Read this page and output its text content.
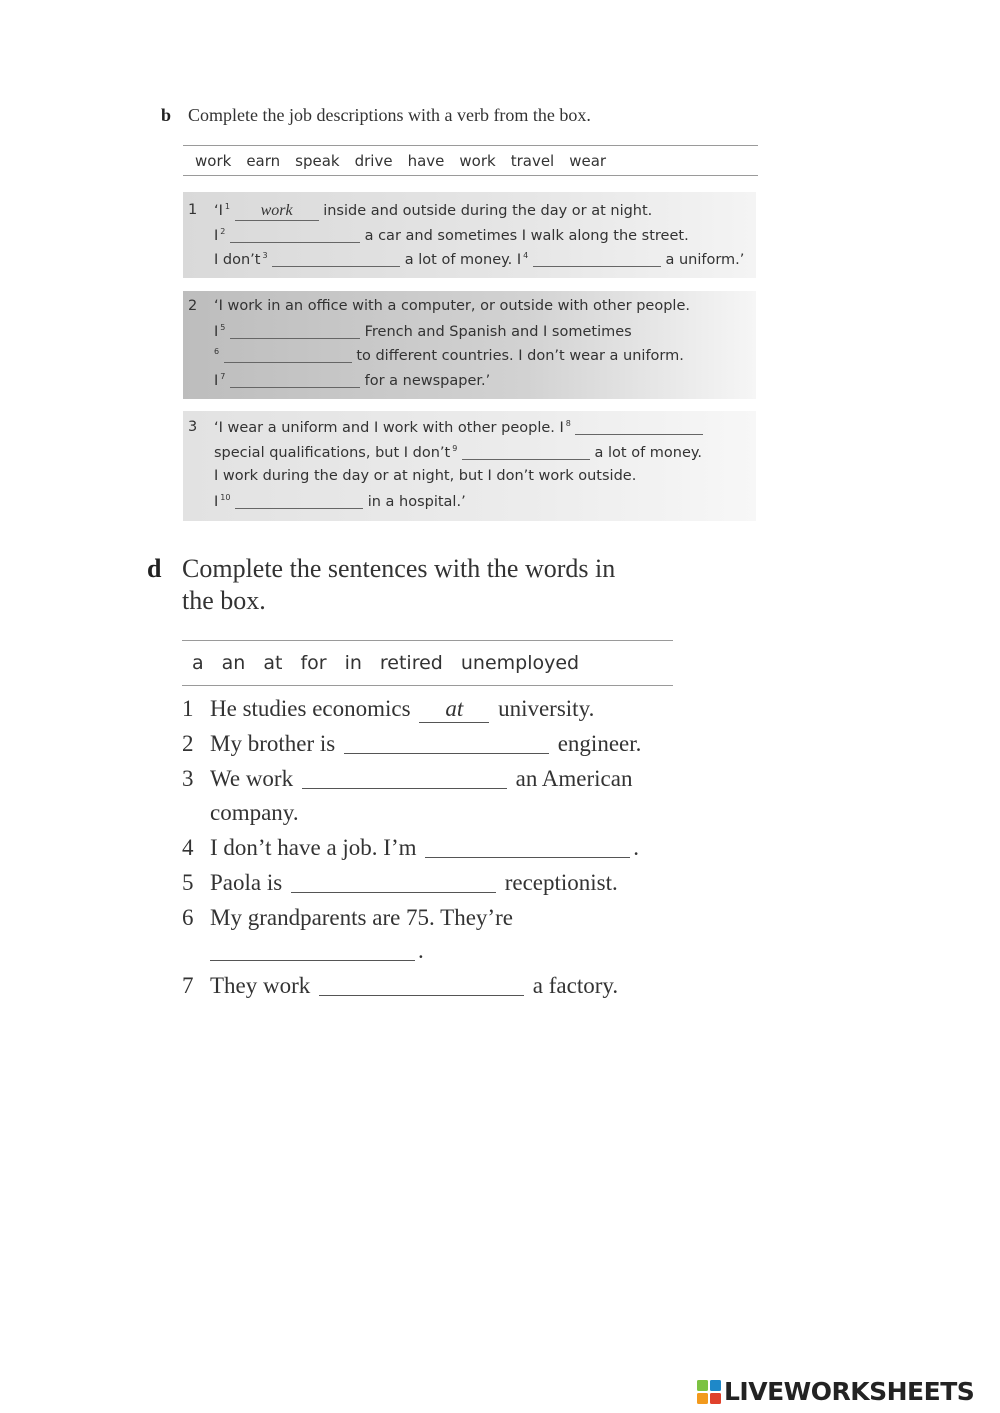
b Complete the job descriptions with a verb from the box.
work earn speak drive have work travel wear
1 ‘I $^1$ work inside and outside during the day or at night.
I $^2$	a car and sometimes I walk along the street.
I don’t $^3$	a lot of money. I $^4$	a uniform.’
2 ‘I work in an office with a computer, or outside with other people.
I $^5$	French and Spanish and I sometimes
$^6$	to different countries. I don’t wear a uniform.
I $^7$	for a newspaper.’
3 ‘I wear a uniform and I work with other people. I $^8$
special qualifications, but I don’t $^9$	a lot of money.
I work during the day or at night, but I don’t work outside.
I $^{10}$	in a hospital.’
d Complete the sentences with the words in
the box.
a an at for in retired unemployed
1 He studies economics at university.
2 My brother is	engineer.
3 We work	an American
company.
4 I don’t have a job. I’m	.
5 Paola is	receptionist.
6 My grandparents are 75. They’re
.
7 They work	a factory.
LIVEWORKSHEETS
